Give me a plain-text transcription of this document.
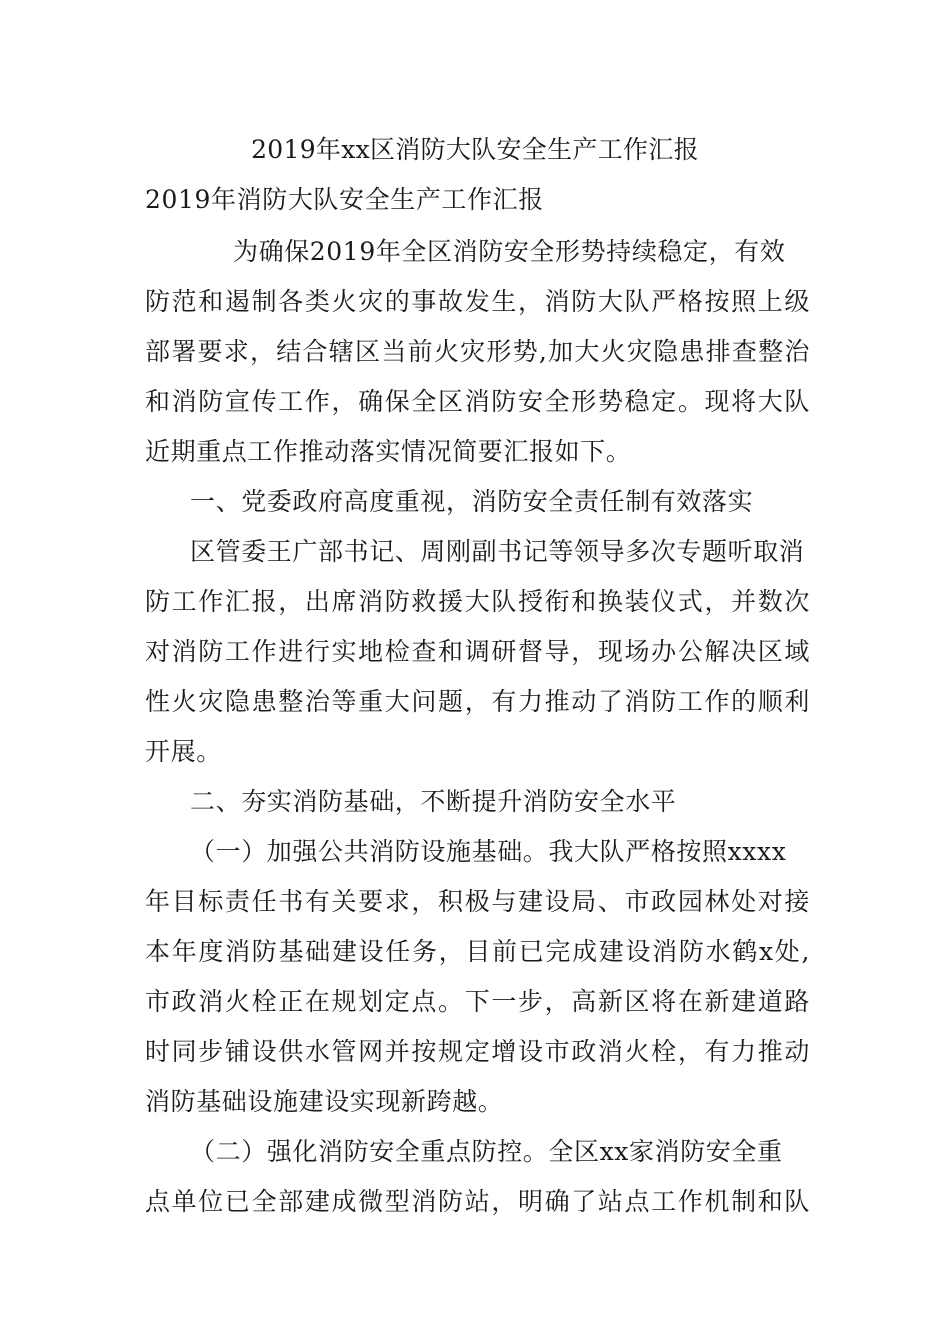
2019年xx区消防大队安全生产工作汇报
2019年消防大队安全生产工作汇报
为确保2019年全区消防安全形势持续稳定，有效
防范和遏制各类火灾的事故发生，消防大队严格按照上级
部署要求，结合辖区当前火灾形势,加大火灾隐患排查整治
和消防宣传工作，确保全区消防安全形势稳定。现将大队
近期重点工作推动落实情况简要汇报如下。
一、党委政府高度重视，消防安全责任制有效落实
区管委王广部书记、周刚副书记等领导多次专题听取消
防工作汇报，出席消防救援大队授衔和换装仪式，并数次
对消防工作进行实地检查和调研督导，现场办公解决区域
性火灾隐患整治等重大问题，有力推动了消防工作的顺利
开展。
二、夯实消防基础，不断提升消防安全水平
（一）加强公共消防设施基础。我大队严格按照xxxx
年目标责任书有关要求，积极与建设局、市政园林处对接
本年度消防基础建设任务，目前已完成建设消防水鹤x处,
市政消火栓正在规划定点。下一步，高新区将在新建道路
时同步铺设供水管网并按规定增设市政消火栓，有力推动
消防基础设施建设实现新跨越。
（二）强化消防安全重点防控。全区xx家消防安全重
点单位已全部建成微型消防站，明确了站点工作机制和队
